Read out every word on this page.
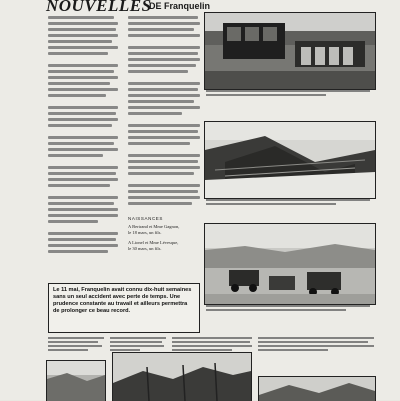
NOUVELLES
DE Franquelin
NAISSANCES
A Bertrand et Mme Gagnon,
le 18 mars, un fils.
A Lionel et Mme Lévesque,
le 30 mars, un fils.

Le 11 mai, Franquelin avait connu dix-huit semaines sans un seul accident avec perte de temps. Une prudence constante au travail et ailleurs permettra de prolonger ce beau record.
